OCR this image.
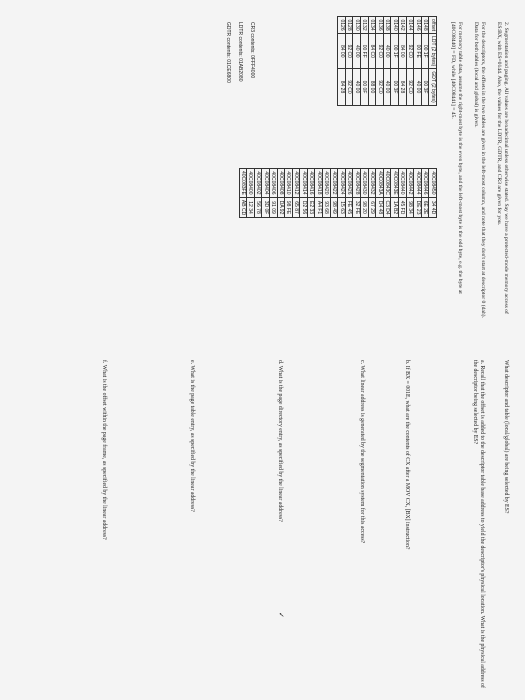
2. Segmentation and paging. All values are hexadecimal unless otherwise stated. Say we have a protected-mode memory access of ES:BX, with ES=0144. Also, the values for the LDTR, GDTR, and CR3 are given for you.
For the descriptors, the offsets in the two tables are given in the left-most column, and note that they don't start at descriptor 0 (dah). Data for both tables (local and global) is given.
For memory table data, assume the right-most byte is the even byte, and the left-most byte is the odd byte, e.g. the byte at [40C08440] = FD, while [40C08441] = 45.
offset	LDT (2 bytes)	GDT (2 bytes)
0148	00 1F	00 3F
0146	00 FE	40 00
0144	92 C0	92 C0
0142	84 00	84 28
0140	00 1F	00 3F
0138	40 00	40 00
0136	92 C0	92 C0
0134	84 C0	88 00
0132	00 FF	00 0F
0130	40 00	40 00
0128	92 C0	92 C0
0126	84 00	84 28
40C08450	34 4D
40C08446	6E 2E
40C08444	DE 23
40C08442	98 34
40C08440	45 FD
40C0843E	1A B2
40C0843C	C3 D4
40C0843A	D4 48
40C08432	67 29
40C08430	98 20
40C08428	32 FE
40C08426	FE 45
40C08424	15 63
40C08422	98 49
40C08420	93 68
40C08418	A4 F1
40C08416	E2 33
40C08414	D2 56
40C08412	65 87
40C08410	98 FE
40C08408	DA 92
40C08406	91 09
40C08404	3D 0F
40C08402	56 78
40C08400	12 34
40C083FE	AB CD
CR3 contents: 0FFF4000
LDTR contents: 01AB2080
GDTR contents: 01CE6800
What descriptor and table (local/global) are being selected by ES?
a. Recall that the offset is added to the descriptor table base address to yield the descriptor's physical location. What is the physical address of the descriptor being selected by ES?
b. If BX = 001E, what are the contents of CX after a MOV CX, [BX] instruction?
c. What linear address is generated by the segmentation system for this access?
d. What is the page directory entry, as specified by the linear address?
✓
e. What is the page table entry, as specified by the linear address?
f. What is the offset within the page frame, as specified by the linear address?
